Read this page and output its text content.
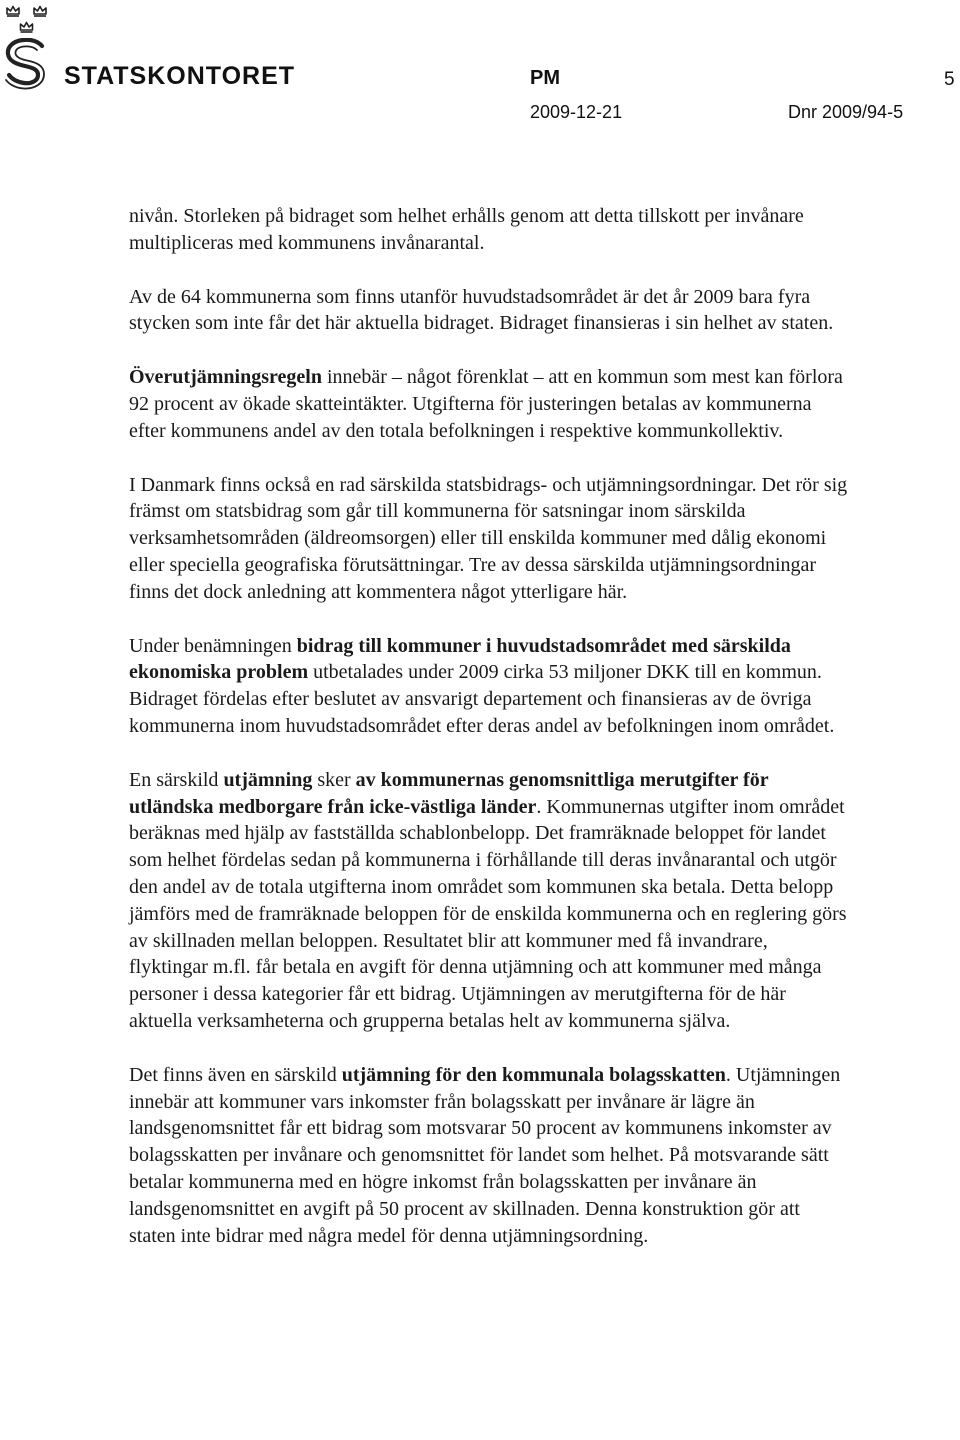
STATSKONTORET	PM	5
2009-12-21	Dnr 2009/94-5

nivån. Storleken på bidraget som helhet erhålls genom att detta tillskott per invånare multipliceras med kommunens invånarantal.

Av de 64 kommunerna som finns utanför huvudstadsområdet är det år 2009 bara fyra stycken som inte får det här aktuella bidraget. Bidraget finansieras i sin helhet av staten.

Överutjämningsregeln innebär – något förenklat – att en kommun som mest kan förlora 92 procent av ökade skatteintäkter. Utgifterna för justeringen betalas av kommunerna efter kommunens andel av den totala befolkningen i respektive kommunkollektiv.

I Danmark finns också en rad särskilda statsbidrags- och utjämningsordningar. Det rör sig främst om statsbidrag som går till kommunerna för satsningar inom särskilda verksamhetsområden (äldreomsorgen) eller till enskilda kommuner med dålig ekonomi eller speciella geografiska förutsättningar. Tre av dessa särskilda utjämningsordningar finns det dock anledning att kommentera något ytterligare här.

Under benämningen bidrag till kommuner i huvudstadsområdet med särskilda ekonomiska problem utbetalades under 2009 cirka 53 miljoner DKK till en kommun. Bidraget fördelas efter beslutet av ansvarigt departement och finansieras av de övriga kommunerna inom huvudstadsområdet efter deras andel av befolkningen inom området.

En särskild utjämning sker av kommunernas genomsnittliga merutgifter för utländska medborgare från icke-västliga länder. Kommunernas utgifter inom området beräknas med hjälp av fastställda schablonbelopp. Det framräknade beloppet för landet som helhet fördelas sedan på kommunerna i förhållande till deras invånarantal och utgör den andel av de totala utgifterna inom området som kommunen ska betala. Detta belopp jämförs med de framräknade beloppen för de enskilda kommunerna och en reglering görs av skillnaden mellan beloppen. Resultatet blir att kommuner med få invandrare, flyktingar m.fl. får betala en avgift för denna utjämning och att kommuner med många personer i dessa kategorier får ett bidrag. Utjämningen av merutgifterna för de här aktuella verksamheterna och grupperna betalas helt av kommunerna själva.

Det finns även en särskild utjämning för den kommunala bolagsskatten. Utjämningen innebär att kommuner vars inkomster från bolagsskatt per invånare är lägre än landsgenomsnittet får ett bidrag som motsvarar 50 procent av kommunens inkomster av bolagsskatten per invånare och genomsnittet för landet som helhet. På motsvarande sätt betalar kommunerna med en högre inkomst från bolagsskatten per invånare än landsgenomsnittet en avgift på 50 procent av skillnaden. Denna konstruktion gör att staten inte bidrar med några medel för denna utjämningsordning.
